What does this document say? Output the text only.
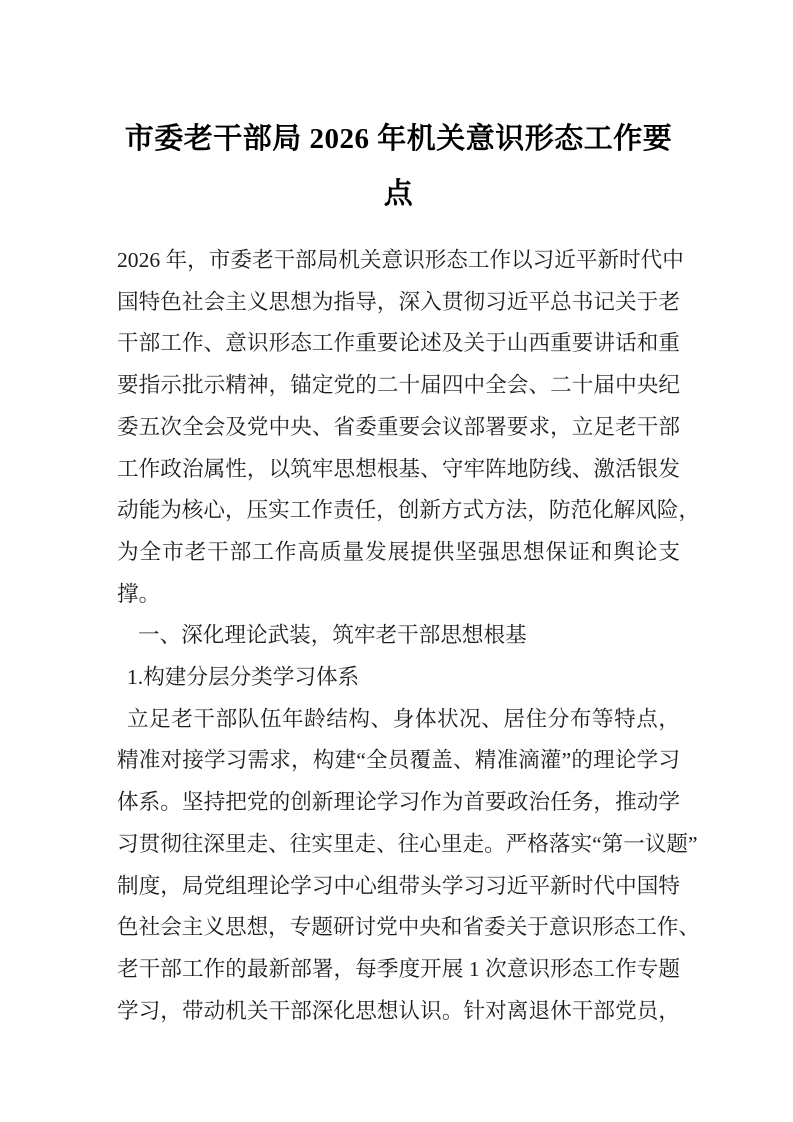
市委老干部局 2026 年机关意识形态工作要
点
2026 年，市委老干部局机关意识形态工作以习近平新时代中
国特色社会主义思想为指导，深入贯彻习近平总书记关于老
干部工作、意识形态工作重要论述及关于山西重要讲话和重
要指示批示精神，锚定党的二十届四中全会、二十届中央纪
委五次全会及党中央、省委重要会议部署要求，立足老干部
工作政治属性，以筑牢思想根基、守牢阵地防线、激活银发
动能为核心，压实工作责任，创新方式方法，防范化解风险，
为全市老干部工作高质量发展提供坚强思想保证和舆论支
撑。
一、深化理论武装，筑牢老干部思想根基
1.构建分层分类学习体系
立足老干部队伍年龄结构、身体状况、居住分布等特点，
精准对接学习需求，构建“全员覆盖、精准滴灌”的理论学习
体系。坚持把党的创新理论学习作为首要政治任务，推动学
习贯彻往深里走、往实里走、往心里走。严格落实“第一议题”
制度，局党组理论学习中心组带头学习习近平新时代中国特
色社会主义思想，专题研讨党中央和省委关于意识形态工作、
老干部工作的最新部署，每季度开展 1 次意识形态工作专题
学习，带动机关干部深化思想认识。针对离退休干部党员，
